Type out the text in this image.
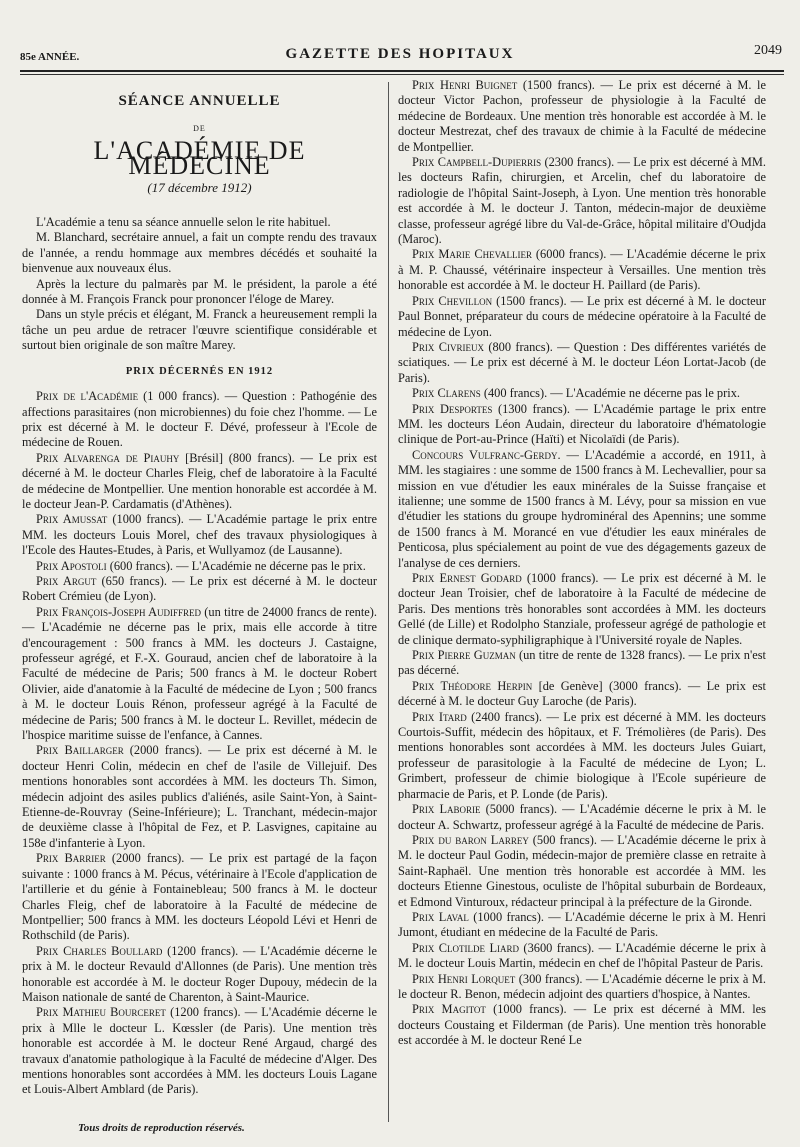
85e ANNÉE.	GAZETTE DES HOPITAUX	2049
SÉANCE ANNUELLE
DE
L'ACADÉMIE DE MÉDECINE
(17 décembre 1912)

L'Académie a tenu sa séance annuelle selon le rite habituel.

M. Blanchard, secrétaire annuel, a fait un compte rendu des travaux de l'année, a rendu hommage aux membres décédés et souhaité la bienvenue aux nouveaux élus.

Après la lecture du palmarès par M. le président, la parole a été donnée à M. François Franck pour prononcer l'éloge de Marey.

Dans un style précis et élégant, M. Franck a heureusement rempli la tâche un peu ardue de retracer l'œuvre scientifique considérable et surtout bien originale de son maître Marey.

PRIX DÉCERNÉS EN 1912

Prix de l'Académie (1 000 francs). — Question : Pathogénie des affections parasitaires (non microbiennes) du foie chez l'homme. — Le prix est décerné à M. le docteur F. Dévé, professeur à l'Ecole de médecine de Rouen.

Prix Alvarenga de Piauhy [Brésil] (800 francs). — Le prix est décerné à M. le docteur Charles Fleig, chef de laboratoire à la Faculté de médecine de Montpellier. Une mention honorable est accordée à M. le docteur Jean-P. Cardamatis (d'Athènes).

Prix Amussat (1000 francs). — L'Académie partage le prix entre MM. les docteurs Louis Morel, chef des travaux physiologiques à l'Ecole des Hautes-Etudes, à Paris, et Wullyamoz (de Lausanne).

Prix Apostoli (600 francs). — L'Académie ne décerne pas le prix.

Prix Argut (650 francs). — Le prix est décerné à M. le docteur Robert Crémieu (de Lyon).

Prix François-Joseph Audiffred (un titre de 24000 francs de rente). — L'Académie ne décerne pas le prix, mais elle accorde à titre d'encouragement : 500 francs à MM. les docteurs J. Castaigne, professeur agrégé, et F.-X. Gouraud, ancien chef de laboratoire à la Faculté de médecine de Paris; 500 francs à M. le docteur Robert Olivier, aide d'anatomie à la Faculté de médecine de Lyon ; 500 francs à M. le docteur Louis Rénon, professeur agrégé à la Faculté de médecine de Paris; 500 francs à M. le docteur L. Revillet, médecin de l'hospice maritime suisse de l'enfance, à Cannes.

Prix Baillarger (2000 francs). — Le prix est décerné à M. le docteur Henri Colin, médecin en chef de l'asile de Villejuif. Des mentions honorables sont accordées à MM. les docteurs Th. Simon, médecin adjoint des asiles publics d'aliénés, asile Saint-Yon, à Saint-Etienne-de-Rouvray (Seine-Inférieure); L. Tranchant, médecin-major de deuxième classe à l'hôpital de Fez, et P. Lasvignes, capitaine au 158e d'infanterie à Lyon.

Prix Barrier (2000 francs). — Le prix est partagé de la façon suivante : 1000 francs à M. Pécus, vétérinaire à l'Ecole d'application de l'artillerie et du génie à Fontainebleau; 500 francs à M. le docteur Charles Fleig, chef de laboratoire à la Faculté de médecine de Montpellier; 500 francs à MM. les docteurs Léopold Lévi et Henri de Rothschild (de Paris).

Prix Charles Boullard (1200 francs). — L'Académie décerne le prix à M. le docteur Revauld d'Allonnes (de Paris). Une mention très honorable est accordée à M. le docteur Roger Dupouy, médecin de la Maison nationale de santé de Charenton, à Saint-Maurice.

Prix Mathieu Bourceret (1200 francs). — L'Académie décerne le prix à Mlle le docteur L. Kœssler (de Paris). Une mention très honorable est accordée à M. le docteur René Argaud, chargé des travaux d'anatomie pathologique à la Faculté de médecine d'Alger. Des mentions honorables sont accordées à MM. les docteurs Louis Lagane et Louis-Albert Amblard (de Paris).

Prix Henri Buignet (1500 francs). — Le prix est décerné à M. le docteur Victor Pachon, professeur de physiologie à la Faculté de médecine de Bordeaux. Une mention très honorable est accordée à M. le docteur Mestrezat, chef des travaux de chimie à la Faculté de médecine de Montpellier.

Prix Campbell-Dupierris (2300 francs). — Le prix est décerné à MM. les docteurs Rafin, chirurgien, et Arcelin, chef du laboratoire de radiologie de l'hôpital Saint-Joseph, à Lyon. Une mention très honorable est accordée à M. le docteur J. Tanton, médecin-major de deuxième classe, professeur agrégé libre du Val-de-Grâce, hôpital militaire d'Oudjda (Maroc).

Prix Marie Chevallier (6000 francs). — L'Académie décerne le prix à M. P. Chaussé, vétérinaire inspecteur à Versailles. Une mention très honorable est accordée à M. le docteur H. Paillard (de Paris).

Prix Chevillon (1500 francs). — Le prix est décerné à M. le docteur Paul Bonnet, préparateur du cours de médecine opératoire à la Faculté de médecine de Lyon.

Prix Civrieux (800 francs). — Question : Des différentes variétés de sciatiques. — Le prix est décerné à M. le docteur Léon Lortat-Jacob (de Paris).

Prix Clarens (400 francs). — L'Académie ne décerne pas le prix.

Prix Desportes (1300 francs). — L'Académie partage le prix entre MM. les docteurs Léon Audain, directeur du laboratoire d'hématologie clinique de Port-au-Prince (Haïti) et Nicolaïdi (de Paris).

Concours Vulfranc-Gerdy. — L'Académie a accordé, en 1911, à MM. les stagiaires : une somme de 1500 francs à M. Lechevallier, pour sa mission en vue d'étudier les eaux minérales de la Suisse française et italienne; une somme de 1500 francs à M. Lévy, pour sa mission en vue d'étudier les stations du groupe hydrominéral des Apennins; une somme de 1500 francs à M. Morancé en vue d'étudier les eaux minérales de Penticosa, plus spécialement au point de vue des dégagements gazeux de l'analyse de ces derniers.

Prix Ernest Godard (1000 francs). — Le prix est décerné à M. le docteur Jean Troisier, chef de laboratoire à la Faculté de médecine de Paris. Des mentions très honorables sont accordées à MM. les docteurs Gellé (de Lille) et Rodolpho Stanziale, professeur agrégé de pathologie et de clinique dermato-syphiligraphique à l'Université royale de Naples.

Prix Pierre Guzman (un titre de rente de 1328 francs). — Le prix n'est pas décerné.

Prix Théodore Herpin [de Genève] (3000 francs). — Le prix est décerné à M. le docteur Guy Laroche (de Paris).

Prix Itard (2400 francs). — Le prix est décerné à MM. les docteurs Courtois-Suffit, médecin des hôpitaux, et F. Trémolières (de Paris). Des mentions honorables sont accordées à MM. les docteurs Jules Guiart, professeur de parasitologie à la Faculté de médecine de Lyon; L. Grimbert, professeur de chimie biologique à l'Ecole supérieure de pharmacie de Paris, et P. Londe (de Paris).

Prix Laborie (5000 francs). — L'Académie décerne le prix à M. le docteur A. Schwartz, professeur agrégé à la Faculté de médecine de Paris.

Prix du baron Larrey (500 francs). — L'Académie décerne le prix à M. le docteur Paul Godin, médecin-major de première classe en retraite à Saint-Raphaël. Une mention très honorable est accordée à MM. les docteurs Etienne Ginestous, oculiste de l'hôpital suburbain de Bordeaux, et Edmond Vinturoux, rédacteur principal à la préfecture de la Gironde.

Prix Laval (1000 francs). — L'Académie décerne le prix à M. Henri Jumont, étudiant en médecine de la Faculté de Paris.

Prix Clotilde Liard (3600 francs). — L'Académie décerne le prix à M. le docteur Louis Martin, médecin en chef de l'hôpital Pasteur de Paris.

Prix Henri Lorquet (300 francs). — L'Académie décerne le prix à M. le docteur R. Benon, médecin adjoint des quartiers d'hospice, à Nantes.

Prix Magitot (1000 francs). — Le prix est décerné à MM. les docteurs Coustaing et Filderman (de Paris). Une mention très honorable est accordée à M. le docteur René Le

Tous droits de reproduction réservés.
